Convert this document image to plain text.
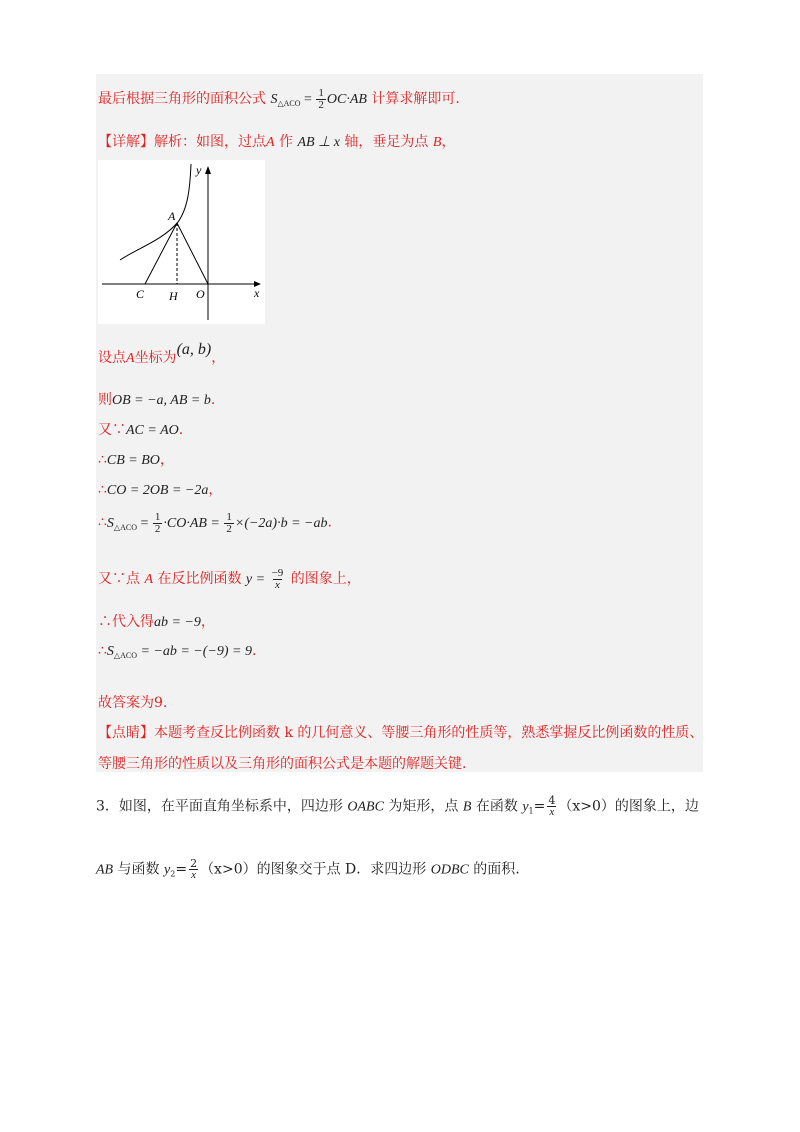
最后根据三角形的面积公式 $S_{\triangle ACO} = \frac{1}{2} OC\cdot AB$ 计算求解即可.
【详解】解析：如图，过点A 作 AB ⊥ x 轴，垂足为点 B，
y
x
A
C H O
设点A坐标为(a, b)，
则OB = −a, AB = b.
又∵AC = AO.
∴CB = BO，
∴CO = 2OB = −2a，
$\therefore S_{\triangle ACO} = \frac{1}{2} \cdot CO\cdot AB = \frac{1}{2} \times(-2a)\cdot b = -ab$.
又∵点 A 在反比例函数 $y = \frac{-9}{x}$ 的图象上，
∴代入得ab = −9，
$\therefore S_{\triangle ACO} = -ab = -(-9) = 9$.
故答案为9.
【点睛】本题考查反比例函数 k 的几何意义、等腰三角形的性质等，熟悉掌握反比例函数的性质、
等腰三角形的性质以及三角形的面积公式是本题的解题关键.
3．如图，在平面直角坐标系中，四边形 OABC 为矩形，点 B 在函数 $y_1= \frac{4}{x} (x>0)$的图象上，边
AB 与函数 $y_2= \frac{2}{x} (x>0)$的图象交于点 D．求四边形 ODBC 的面积.
